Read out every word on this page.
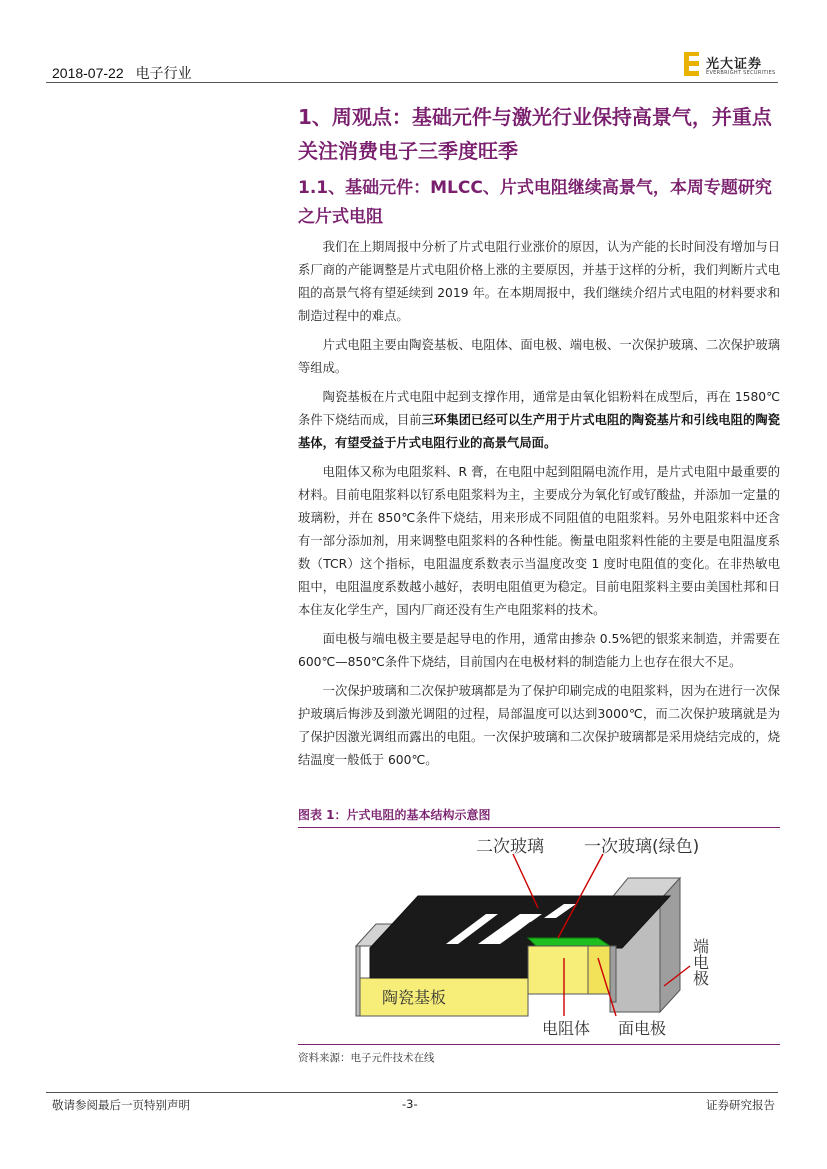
2018-07-22 电子行业
光大证券
EVERBRIGHT SECURITIES
1、周观点：基础元件与激光行业保持高景气，并重点关注消费电子三季度旺季
1.1、基础元件：MLCC、片式电阻继续高景气，本周专题研究之片式电阻

我们在上期周报中分析了片式电阻行业涨价的原因，认为产能的长时间没有增加与日系厂商的产能调整是片式电阻价格上涨的主要原因，并基于这样的分析，我们判断片式电阻的高景气将有望延续到 2019 年。在本期周报中，我们继续介绍片式电阻的材料要求和制造过程中的难点。

片式电阻主要由陶瓷基板、电阻体、面电极、端电极、一次保护玻璃、二次保护玻璃等组成。

陶瓷基板在片式电阻中起到支撑作用，通常是由氧化铝粉料在成型后，再在 1580℃条件下烧结而成，目前三环集团已经可以生产用于片式电阻的陶瓷基片和引线电阻的陶瓷基体，有望受益于片式电阻行业的高景气局面。

电阻体又称为电阻浆料、R 膏，在电阻中起到阻隔电流作用，是片式电阻中最重要的材料。目前电阻浆料以钌系电阻浆料为主，主要成分为氧化钌或钌酸盐，并添加一定量的玻璃粉，并在 850℃条件下烧结，用来形成不同阻值的电阻浆料。另外电阻浆料中还含有一部分添加剂，用来调整电阻浆料的各种性能。衡量电阻浆料性能的主要是电阻温度系数（TCR）这个指标，电阻温度系数表示当温度改变 1 度时电阻值的变化。在非热敏电阻中，电阻温度系数越小越好，表明电阻值更为稳定。目前电阻浆料主要由美国杜邦和日本住友化学生产，国内厂商还没有生产电阻浆料的技术。

面电极与端电极主要是起导电的作用，通常由掺杂 0.5%钯的银浆来制造，并需要在 600℃—850℃条件下烧结，目前国内在电极材料的制造能力上也存在很大不足。

一次保护玻璃和二次保护玻璃都是为了保护印刷完成的电阻浆料，因为在进行一次保护玻璃后悔涉及到激光调阻的过程，局部温度可以达到3000℃，而二次保护玻璃就是为了保护因激光调组而露出的电阻。一次保护玻璃和二次保护玻璃都是采用烧结完成的，烧结温度一般低于 600℃。

图表 1：片式电阻的基本结构示意图
二次玻璃 一次玻璃(绿色)
陶瓷基板
电阻体 面电极
端电极
资料来源：电子元件技术在线
敬请参阅最后一页特别声明	-3-	证券研究报告
